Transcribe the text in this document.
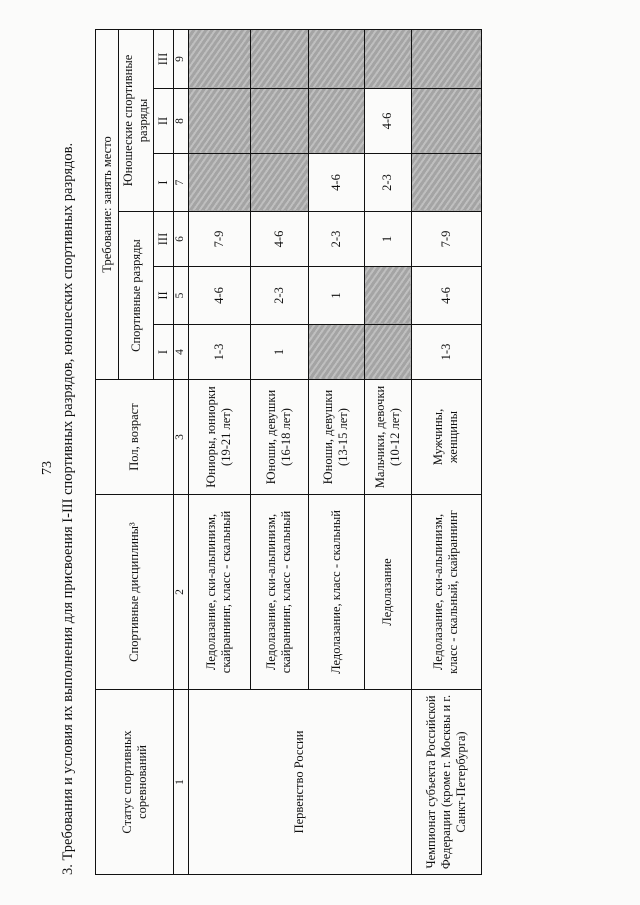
73 3. Требования и условия их выполнения для присвоения I-III спортивных разрядов, юношеских спортивных разрядов.	Статус спортивных соревнований	Спортивные дисциплины³	Пол, возраст	Требование: занять место					
			Спортивные разряды			Юношеские спортивные разряды		
			I	II	III	I	II	III
1	2	3	4	5	6	7	8	9
Первенство России	Ледолазание, ски-альпинизм, скайраннинг, класс - скальный	Юниоры, юниорки (19-21 лет)	1-3	4-6	7-9			
	Ледолазание, ски-альпинизм, скайраннинг, класс - скальный	Юноши, девушки (16-18 лет)	1	2-3	4-6			
	Ледолазание, класс - скальный	Юноши, девушки (13-15 лет)		1	2-3	4-6		
	Ледолазание	Мальчики, девочки (10-12 лет)			1	2-3	4-6	
Чемпионат субъекта Российской Федерации (кроме г. Москвы и г. Санкт-Петербурга)	Ледолазание, ски-альпинизм, класс - скальный, скайраннинг	Мужчины, женщины	1-3	4-6	7-9			
